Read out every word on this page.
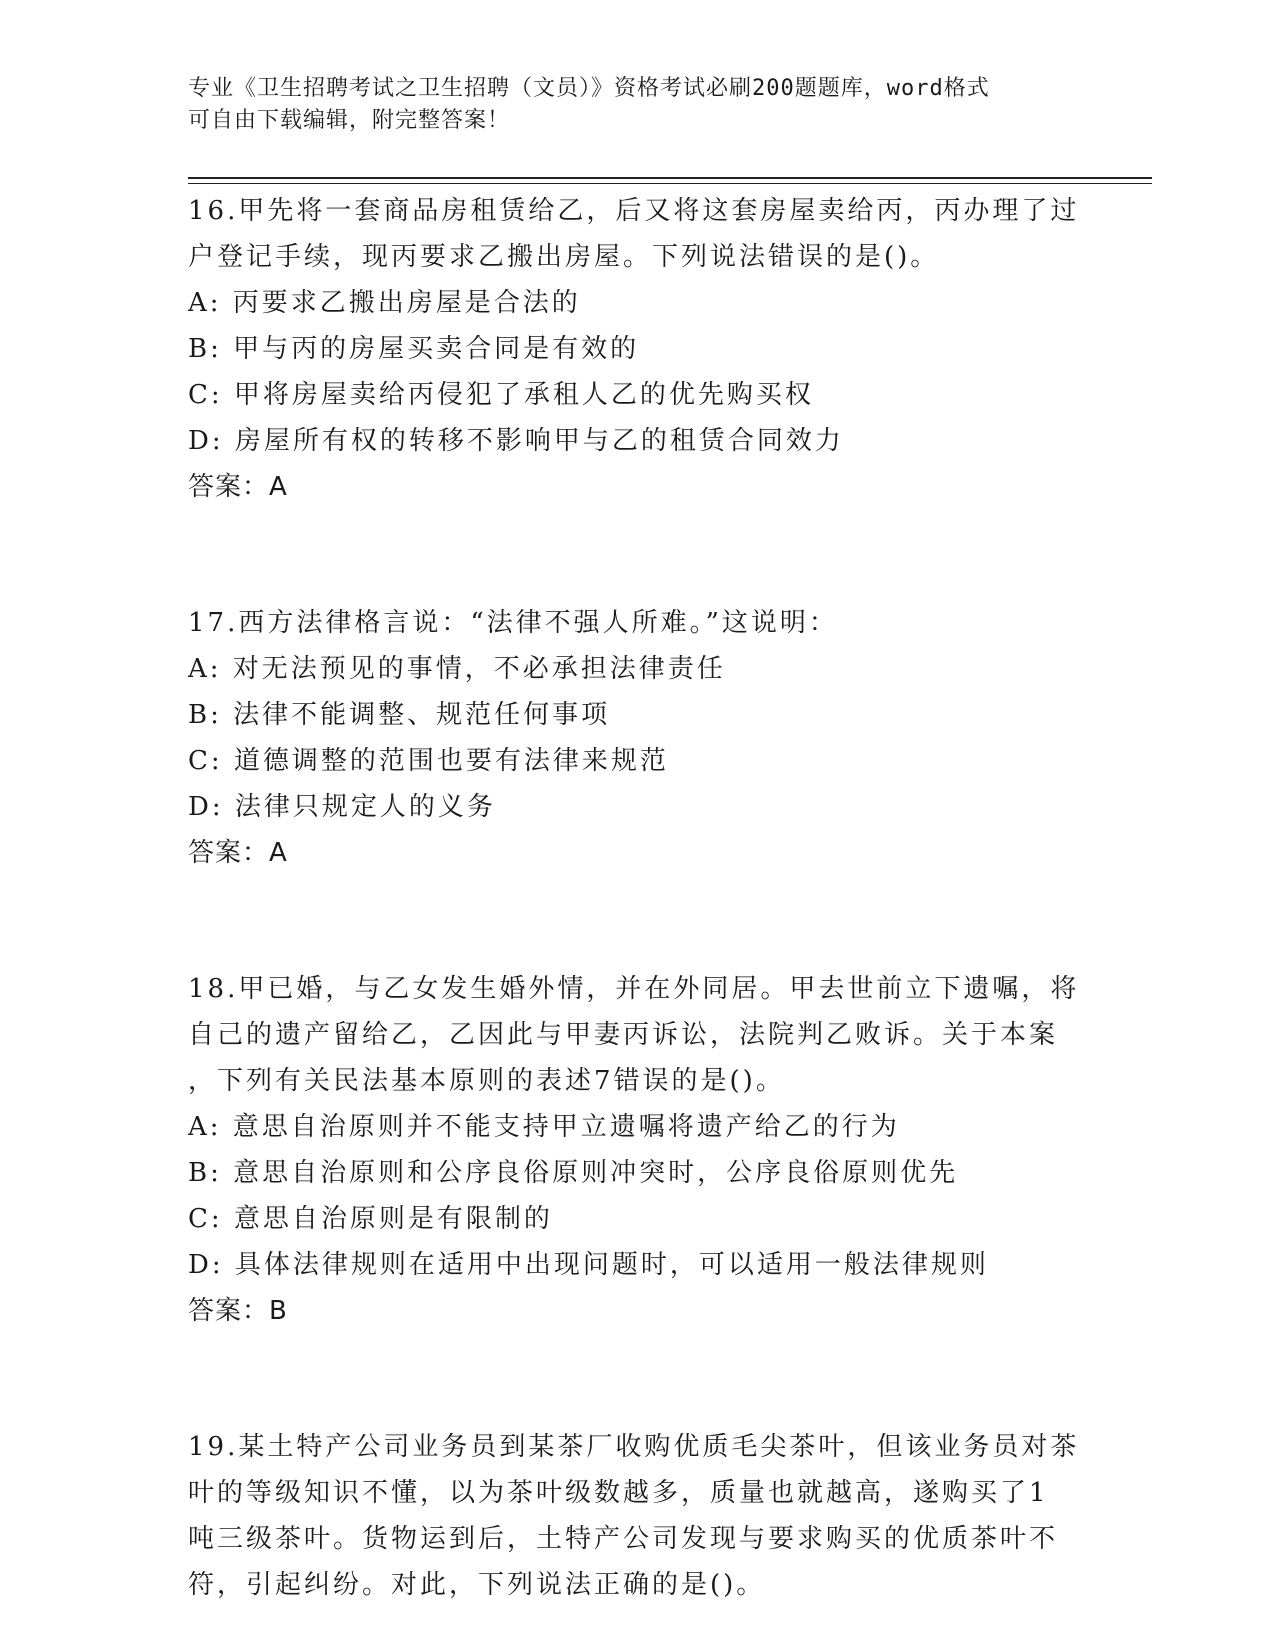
专业《卫生招聘考试之卫生招聘（文员）》资格考试必刷200题题库，word格式
可自由下载编辑，附完整答案！
16.甲先将一套商品房租赁给乙，后又将这套房屋卖给丙，丙办理了过
户登记手续，现丙要求乙搬出房屋。下列说法错误的是()。
A: 丙要求乙搬出房屋是合法的
B: 甲与丙的房屋买卖合同是有效的
C: 甲将房屋卖给丙侵犯了承租人乙的优先购买权
D: 房屋所有权的转移不影响甲与乙的租赁合同效力
答案：A
17.西方法律格言说：“法律不强人所难。”这说明：
A: 对无法预见的事情，不必承担法律责任
B: 法律不能调整、规范任何事项
C: 道德调整的范围也要有法律来规范
D: 法律只规定人的义务
答案：A
18.甲已婚，与乙女发生婚外情，并在外同居。甲去世前立下遗嘱，将
自己的遗产留给乙，乙因此与甲妻丙诉讼，法院判乙败诉。关于本案
，下列有关民法基本原则的表述7错误的是()。
A: 意思自治原则并不能支持甲立遗嘱将遗产给乙的行为
B: 意思自治原则和公序良俗原则冲突时，公序良俗原则优先
C: 意思自治原则是有限制的
D: 具体法律规则在适用中出现问题时，可以适用一般法律规则
答案：B
19.某土特产公司业务员到某茶厂收购优质毛尖茶叶，但该业务员对茶
叶的等级知识不懂，以为茶叶级数越多，质量也就越高，遂购买了1
吨三级茶叶。货物运到后，土特产公司发现与要求购买的优质茶叶不
符，引起纠纷。对此，下列说法正确的是()。
